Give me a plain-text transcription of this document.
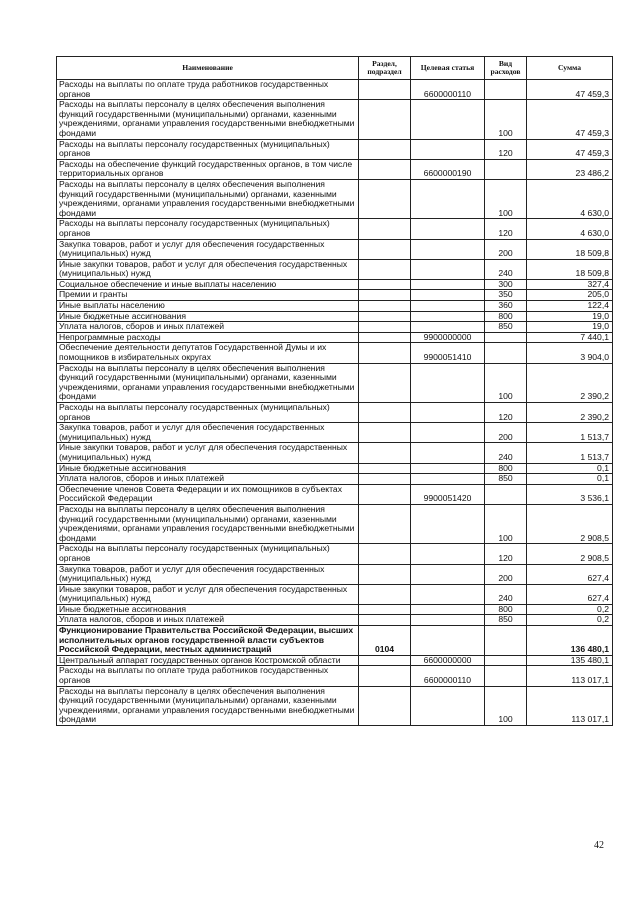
Наименование	Раздел, подраздел	Целевая статья	Вид расходов	Сумма
Расходы на выплаты по оплате труда работников государственных органов		6600000110		47 459,3
Расходы на выплаты персоналу в целях обеспечения выполнения функций государственными (муниципальными) органами, казенными учреждениями, органами управления государственными внебюджетными фондами			100	47 459,3
Расходы на выплаты персоналу государственных (муниципальных) органов			120	47 459,3
Расходы на обеспечение функций государственных органов, в том числе территориальных органов		6600000190		23 486,2
Расходы на выплаты персоналу в целях обеспечения выполнения функций государственными (муниципальными) органами, казенными учреждениями, органами управления государственными внебюджетными фондами			100	4 630,0
Расходы на выплаты персоналу государственных (муниципальных) органов			120	4 630,0
Закупка товаров, работ и услуг для обеспечения государственных (муниципальных) нужд			200	18 509,8
Иные закупки товаров, работ и услуг для обеспечения государственных (муниципальных) нужд			240	18 509,8
Социальное обеспечение и иные выплаты населению			300	327,4
Премии и гранты			350	205,0
Иные выплаты населению			360	122,4
Иные бюджетные ассигнования			800	19,0
Уплата налогов, сборов и иных платежей			850	19,0
Непрограммные расходы		9900000000		7 440,1
Обеспечение деятельности депутатов Государственной Думы и их помощников в избирательных округах		9900051410		3 904,0
Расходы на выплаты персоналу в целях обеспечения выполнения функций государственными (муниципальными) органами, казенными учреждениями, органами управления государственными внебюджетными фондами			100	2 390,2
Расходы на выплаты персоналу государственных (муниципальных) органов			120	2 390,2
Закупка товаров, работ и услуг для обеспечения государственных (муниципальных) нужд			200	1 513,7
Иные закупки товаров, работ и услуг для обеспечения государственных (муниципальных) нужд			240	1 513,7
Иные бюджетные ассигнования			800	0,1
Уплата налогов, сборов и иных платежей			850	0,1
Обеспечение членов Совета Федерации и их помощников в субъектах Российской Федерации		9900051420		3 536,1
Расходы на выплаты персоналу в целях обеспечения выполнения функций государственными (муниципальными) органами, казенными учреждениями, органами управления государственными внебюджетными фондами			100	2 908,5
Расходы на выплаты персоналу государственных (муниципальных) органов			120	2 908,5
Закупка товаров, работ и услуг для обеспечения государственных (муниципальных) нужд			200	627,4
Иные закупки товаров, работ и услуг для обеспечения государственных (муниципальных) нужд			240	627,4
Иные бюджетные ассигнования			800	0,2
Уплата налогов, сборов и иных платежей			850	0,2
Функционирование Правительства Российской Федерации, высших исполнительных органов государственной власти субъектов Российской Федерации, местных администраций	0104			136 480,1
Центральный аппарат государственных органов Костромской области		6600000000		135 480,1
Расходы на выплаты по оплате труда работников государственных органов		6600000110		113 017,1
Расходы на выплаты персоналу в целях обеспечения выполнения функций государственными (муниципальными) органами, казенными учреждениями, органами управления государственными внебюджетными фондами			100	113 017,1
42
